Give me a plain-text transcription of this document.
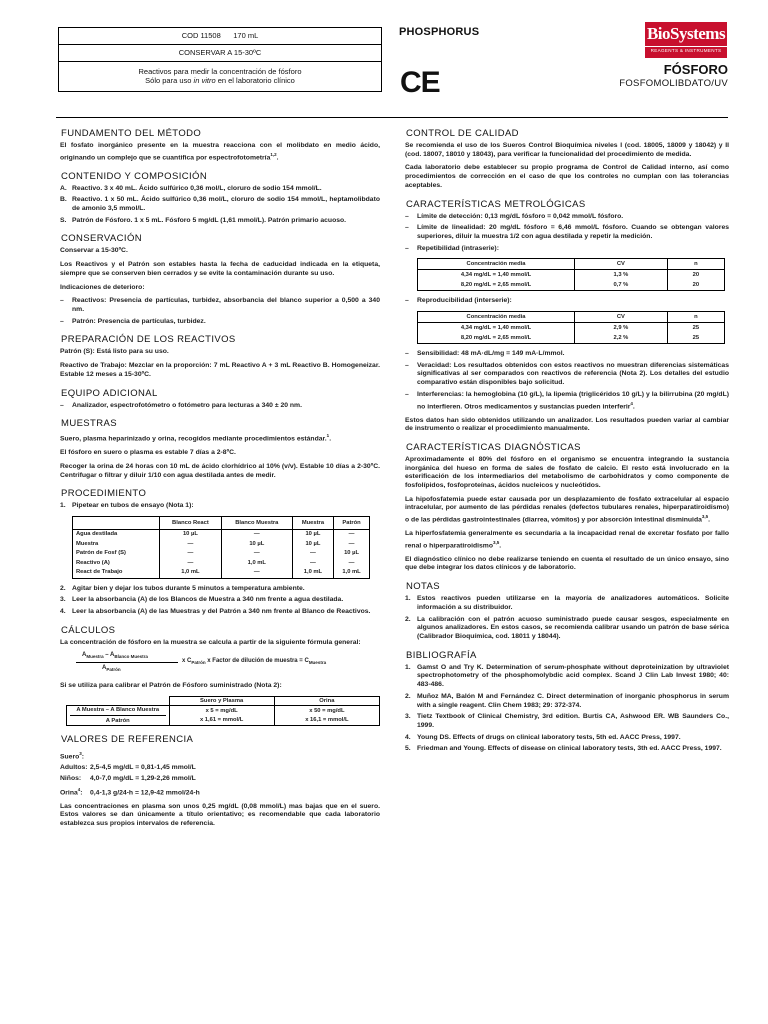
COD 11508 170 mL
CONSERVAR A 15-30ºC
Reactivos para medir la concentración de fósforo
Sólo para uso in vitro en el laboratorio clínico
PHOSPHORUS
CE
BioSystems
REAGENTS & INSTRUMENTS
FÓSFORO
FOSFOMOLIBDATO/UV
FUNDAMENTO DEL MÉTODO

El fosfato inorgánico presente en la muestra reacciona con el molibdato en medio ácido, originando un complejo que se cuantifica por espectrofotometría$^{1,2}$.

CONTENIDO Y COMPOSICIÓN
A. Reactivo. 3 x 40 mL. Ácido sulfúrico 0,36 mol/L, cloruro de sodio 154 mmol/L.
B. Reactivo. 1 x 50 mL. Ácido sulfúrico 0,36 mol/L, cloruro de sodio 154 mmol/L, heptamolibdato de amonio 3,5 mmol/L.
S. Patrón de Fósforo. 1 x 5 mL. Fósforo 5 mg/dL (1,61 mmol/L). Patrón primario acuoso.
CONSERVACIÓN

Conservar a 15-30ºC.

Los Reactivos y el Patrón son estables hasta la fecha de caducidad indicada en la etiqueta, siempre que se conserven bien cerrados y se evite la contaminación durante su uso.

Indicaciones de deterioro:

– Reactivos: Presencia de partículas, turbidez, absorbancia del blanco superior a 0,500 a 340 nm.
– Patrón: Presencia de partículas, turbidez.
PREPARACIÓN DE LOS REACTIVOS

Patrón (S): Está listo para su uso.

Reactivo de Trabajo: Mezclar en la proporción: 7 mL Reactivo A + 3 mL Reactivo B. Homogeneizar. Estable 12 meses a 15-30ºC.

EQUIPO ADICIONAL
– Analizador, espectrofotómetro o fotómetro para lecturas a 340 ± 20 nm.
MUESTRAS

Suero, plasma heparinizado y orina, recogidos mediante procedimientos estándar.$^1$.

El fósforo en suero o plasma es estable 7 días a 2-8ºC.

Recoger la orina de 24 horas con 10 mL de ácido clorhídrico al 10% (v/v). Estable 10 días a 2-30ºC. Centrifugar o filtrar y diluir 1/10 con agua destilada antes de medir.

PROCEDIMIENTO
1. Pipetear en tubos de ensayo (Nota 1):
	Blanco React	Blanco Muestra	Muestra	Patrón
Agua destilada	10 µL	—	10 µL	—
Muestra	—	10 µL	10 µL	—
Patrón de Fosf (S)	—	—	—	10 µL
Reactivo (A)	—	1,0 mL	—	—
React de Trabajo	1,0 mL	—	1,0 mL	1,0 mL
2. Agitar bien y dejar los tubos durante 5 minutos a temperatura ambiente.
3. Leer la absorbancia (A) de los Blancos de Muestra a 340 nm frente a agua destilada.
4. Leer la absorbancia (A) de las Muestras y del Patrón a 340 nm frente al Blanco de Reactivos.
CÁLCULOS

La concentración de fósforo en la muestra se calcula a partir de la siguiente fórmula general:

$A_{Muestra} - A_{Blanco Muestra}$
$A_{Patrón}$
x $C_{Patrón}$ x Factor de dilución de muestra = $C_{Muestra}$

Si se utiliza para calibrar el Patrón de Fósforo suministrado (Nota 2):

	Suero y Plasma	Orina

A Muestra – A Blanco Muestra
A Patrón	x 5 = mg/dL	x 50 = mg/dL
	x 1,61 = mmol/L	x 16,1 = mmol/L
VALORES DE REFERENCIA
Suero$^3$:
Adultos: 2,5-4,5 mg/dL = 0,81-1,45 mmol/L
Niños: 4,0-7,0 mg/dL = 1,29-2,26 mmol/L
Orina$^4$: 0,4-1,3 g/24-h = 12,9-42 mmol/24-h

Las concentraciones en plasma son unos 0,25 mg/dL (0,08 mmol/L) mas bajas que en el suero. Estos valores se dan únicamente a título orientativo; es recomendable que cada laboratorio establezca sus propios intervalos de referencia.

CONTROL DE CALIDAD

Se recomienda el uso de los Sueros Control Bioquímica niveles I (cod. 18005, 18009 y 18042) y II (cod. 18007, 18010 y 18043), para verificar la funcionalidad del procedimiento de medida.

Cada laboratorio debe establecer su propio programa de Control de Calidad interno, así como procedimientos de corrección en el caso de que los controles no cumplan con las tolerancias aceptables.

CARACTERÍSTICAS METROLÓGICAS
– Límite de detección: 0,13 mg/dL fósforo = 0,042 mmol/L fósforo.
– Límite de linealidad: 20 mg/dL fósforo = 6,46 mmol/L fósforo. Cuando se obtengan valores superiores, diluir la muestra 1/2 con agua destilada y repetir la medición.
– Repetibilidad (intraserie):
Concentración media	CV	n
4,34 mg/dL = 1,40 mmol/L	1,3 %	20
8,20 mg/dL = 2,65 mmol/L	0,7 %	20
– Reproducibilidad (interserie):
Concentración media	CV	n
4,34 mg/dL = 1,40 mmol/L	2,9 %	25
8,20 mg/dL = 2,65 mmol/L	2,2 %	25
– Sensibilidad: 48 mA·dL/mg = 149 mA·L/mmol.
– Veracidad: Los resultados obtenidos con estos reactivos no muestran diferencias sistemáticas significativas al ser comparados con reactivos de referencia (Nota 2). Los detalles del estudio comparativo están disponibles bajo solicitud.
– Interferencias: la hemoglobina (10 g/L), la lipemia (triglicéridos 10 g/L) y la bilirrubina (20 mg/dL) no interfieren. Otros medicamentos y sustancias pueden interferir$^4$.

Estos datos han sido obtenidos utilizando un analizador. Los resultados pueden variar al cambiar de instrumento o realizar el procedimiento manualmente.

CARACTERÍSTICAS DIAGNÓSTICAS

Aproximadamente el 80% del fósforo en el organismo se encuentra integrando la sustancia inorgánica del hueso en forma de sales de fosfato de calcio. El resto está involucrado en la esterificación de los intermediarios del metabolismo de carbohidratos y como componente de fosfolípidos, fosfoproteínas, ácidos nucleicos y nucleótidos.

La hipofosfatemia puede estar causada por un desplazamiento de fosfato extracelular al espacio intracelular, por aumento de las pérdidas renales (defectos tubulares renales, hiperparatiroidismo) o de las pérdidas gastrointestinales (diarrea, vómitos) y por absorción intestinal disminuida$^{3,5}$.

La hiperfosfatemia generalmente es secundaria a la incapacidad renal de excretar fosfato por fallo renal o hiperparatiroidismo$^{3,5}$.

El diagnóstico clínico no debe realizarse teniendo en cuenta el resultado de un único ensayo, sino que debe integrar los datos clínicos y de laboratorio.

NOTAS
1. Estos reactivos pueden utilizarse en la mayoría de analizadores automáticos. Solicite información a su distribuidor.
2. La calibración con el patrón acuoso suministrado puede causar sesgos, especialmente en algunos analizadores. En estos casos, se recomienda calibrar usando un patrón de base sérica (Calibrador Bioquímica, cod. 18011 y 18044).
BIBLIOGRAFÍA
1. Gamst O and Try K. Determination of serum-phosphate without deproteinization by ultraviolet spectrophotometry of the phosphomolybdic acid complex. Scand J Clin Lab Invest 1980; 40: 483-486.
2. Muñoz MA, Balón M and Fernández C. Direct determination of inorganic phosphorus in serum with a single reagent. Clin Chem 1983; 29: 372-374.
3. Tietz Textbook of Clinical Chemistry, 3rd edition. Burtis CA, Ashwood ER. WB Saunders Co., 1999.
4. Young DS. Effects of drugs on clinical laboratory tests, 5th ed. AACC Press, 1997.
5. Friedman and Young. Effects of disease on clinical laboratory tests, 3th ed. AACC Press, 1997.
